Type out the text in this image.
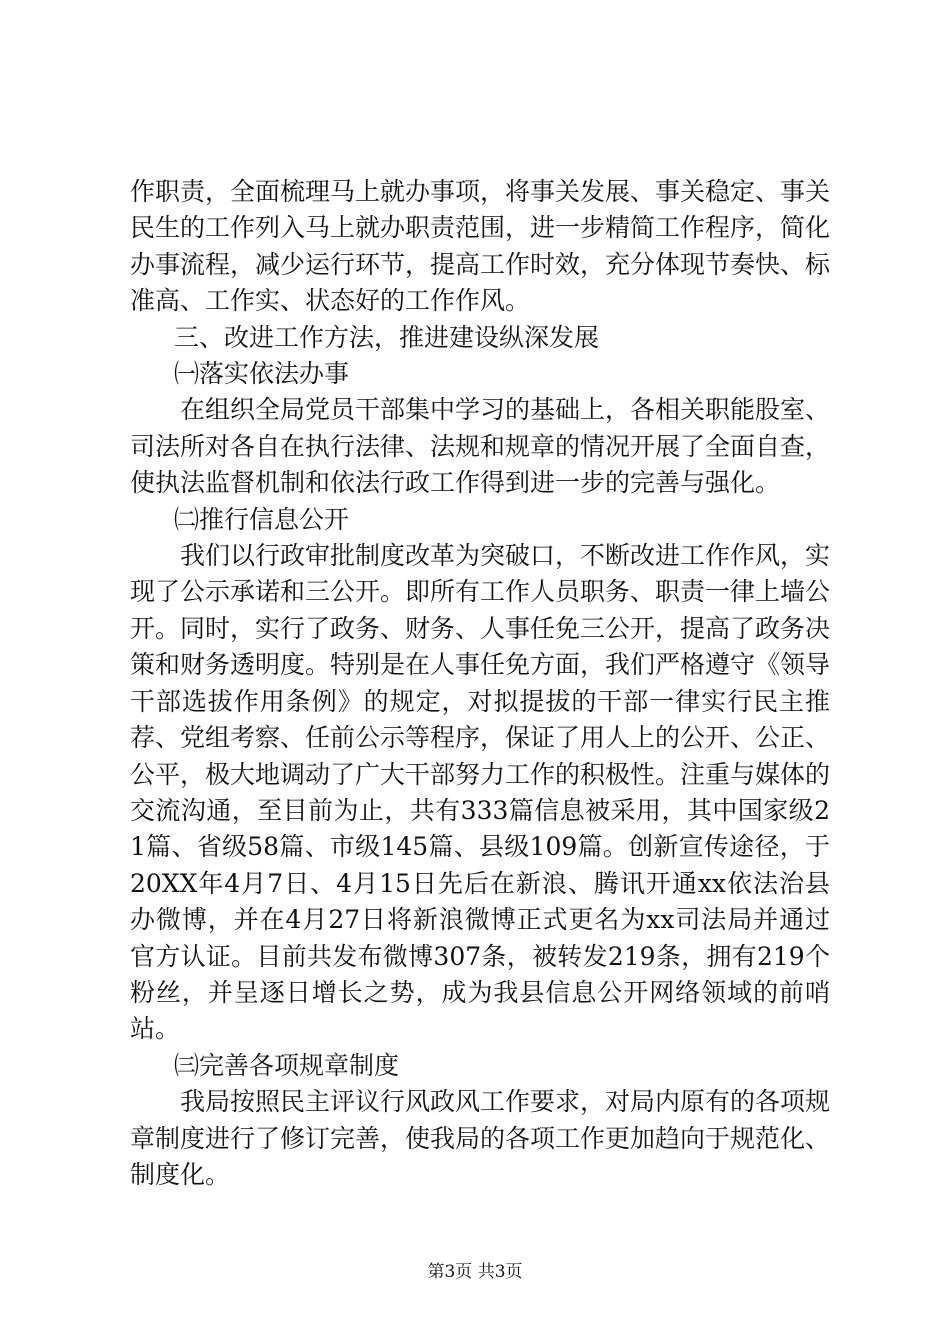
作职责，全面梳理马上就办事项，将事关发展、事关稳定、事关民生的工作列入马上就办职责范围，进一步精简工作程序，简化办事流程，减少运行环节，提高工作时效，充分体现节奏快、标准高、工作实、状态好的工作作风。

三、改进工作方法，推进建设纵深发展

㈠落实依法办事

在组织全局党员干部集中学习的基础上，各相关职能股室、司法所对各自在执行法律、法规和规章的情况开展了全面自查，使执法监督机制和依法行政工作得到进一步的完善与强化。

㈡推行信息公开

我们以行政审批制度改革为突破口，不断改进工作作风，实现了公示承诺和三公开。即所有工作人员职务、职责一律上墙公开。同时，实行了政务、财务、人事任免三公开，提高了政务决策和财务透明度。特别是在人事任免方面，我们严格遵守《领导干部选拔作用条例》的规定，对拟提拔的干部一律实行民主推荐、党组考察、任前公示等程序，保证了用人上的公开、公正、公平，极大地调动了广大干部努力工作的积极性。注重与媒体的交流沟通，至目前为止，共有333篇信息被采用，其中国家级21篇、省级58篇、市级145篇、县级109篇。创新宣传途径，于20XX年4月7日、4月15日先后在新浪、腾讯开通xx依法治县办微博，并在4月27日将新浪微博正式更名为xx司法局并通过官方认证。目前共发布微博307条，被转发219条，拥有219个粉丝，并呈逐日增长之势，成为我县信息公开网络领域的前哨站。

㈢完善各项规章制度

我局按照民主评议行风政风工作要求，对局内原有的各项规章制度进行了修订完善，使我局的各项工作更加趋向于规范化、制度化。

第3页 共3页
